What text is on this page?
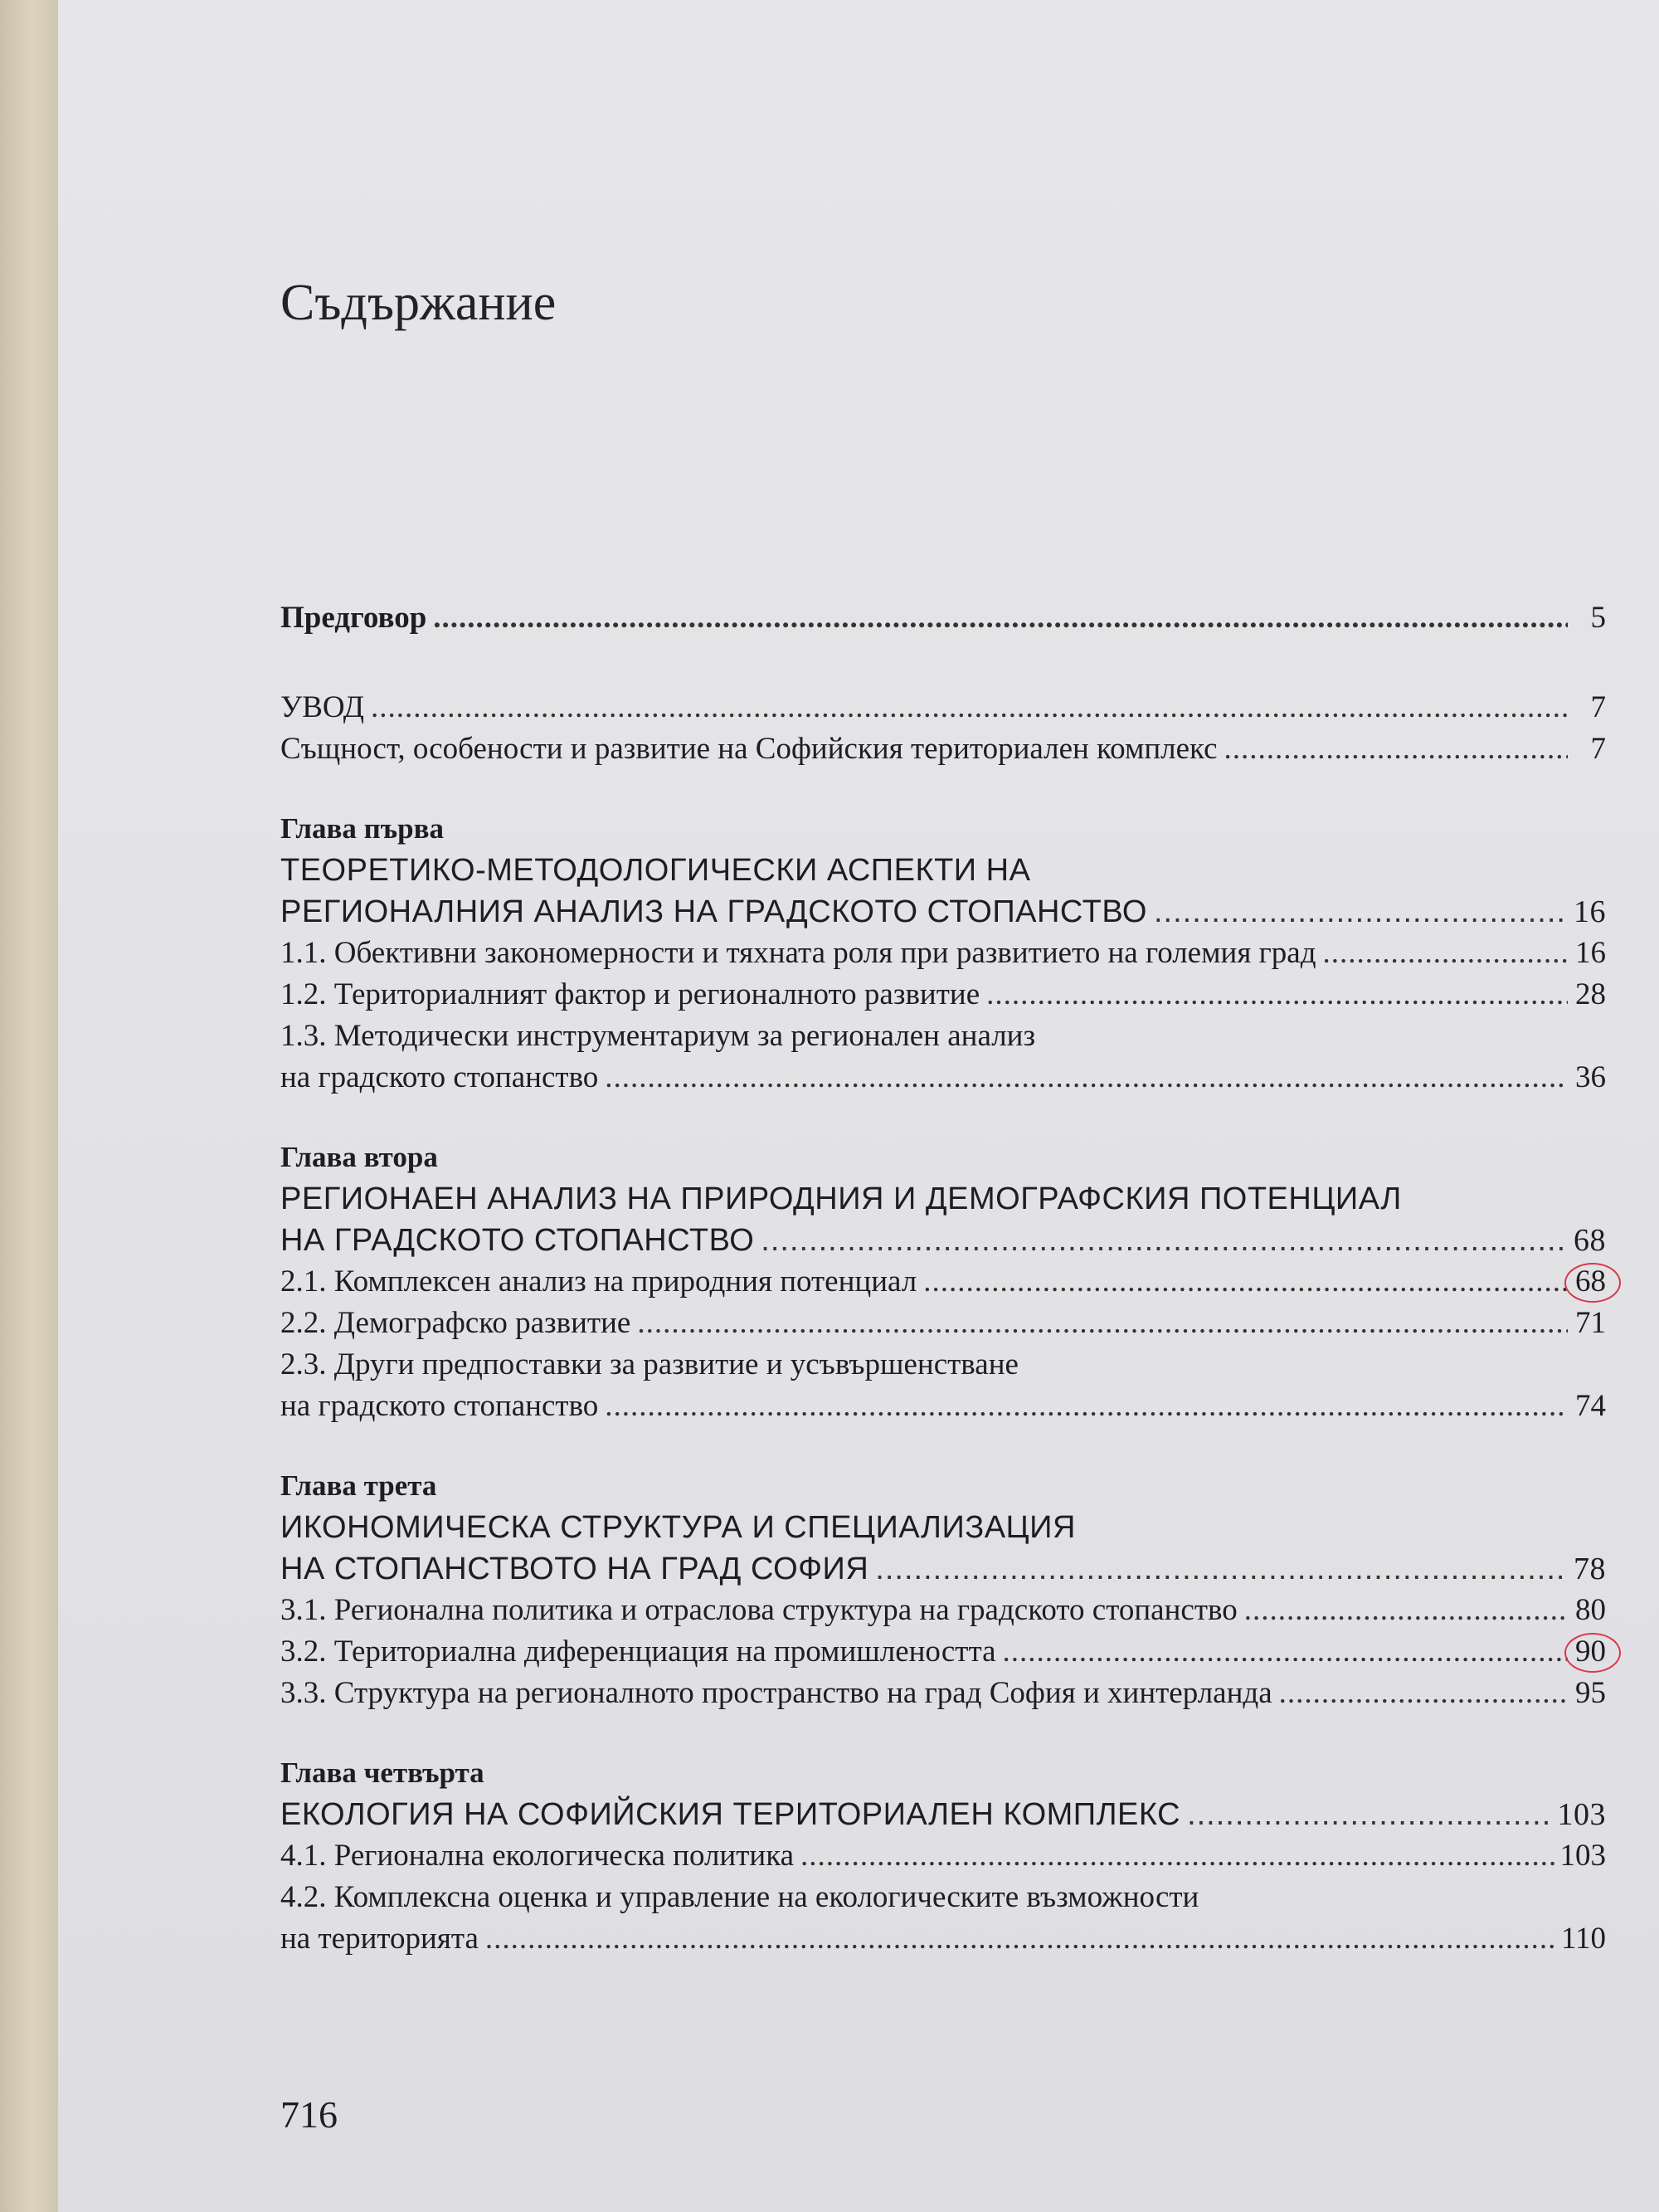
Съдържание
Предговор .....	5
УВОД .....	7
Същност, особености и развитие на Софийския териториален комплекс .....	7
Глава първа
ТЕОРЕТИКО-МЕТОДОЛОГИЧЕСКИ АСПЕКТИ НА
РЕГИОНАЛНИЯ АНАЛИЗ НА ГРАДСКОТО СТОПАНСТВО .....	16
1.1. Обективни закономерности и тяхната роля при развитието на големия град .....	16
1.2. Териториалният фактор и регионалното развитие .....	28
1.3. Методически инструментариум за регионален анализ
на градското стопанство .....	36
Глава втора
РЕГИОНАЕН АНАЛИЗ НА ПРИРОДНИЯ И ДЕМОГРАФСКИЯ ПОТЕНЦИАЛ
НА ГРАДСКОТО СТОПАНСТВО .....	68
2.1. Комплексен анализ на природния потенциал .....	68
2.2. Демографско развитие .....	71
2.3. Други предпоставки за развитие и усъвършенстване
на градското стопанство .....	74
Глава трета
ИКОНОМИЧЕСКА СТРУКТУРА И СПЕЦИАЛИЗАЦИЯ
НА СТОПАНСТВОТО НА ГРАД СОФИЯ .....	78
3.1. Регионална политика и отраслова структура на градското стопанство .....	80
3.2. Териториална диференциация на промишлеността .....	90
3.3. Структура на регионалното пространство на град София и хинтерланда .....	95
Глава четвърта
ЕКОЛОГИЯ НА СОФИЙСКИЯ ТЕРИТОРИАЛЕН КОМПЛЕКС .....	103
4.1. Регионална екологическа политика .....	103
4.2. Комплексна оценка и управление на екологическите възможности
на територията .....	110
716
